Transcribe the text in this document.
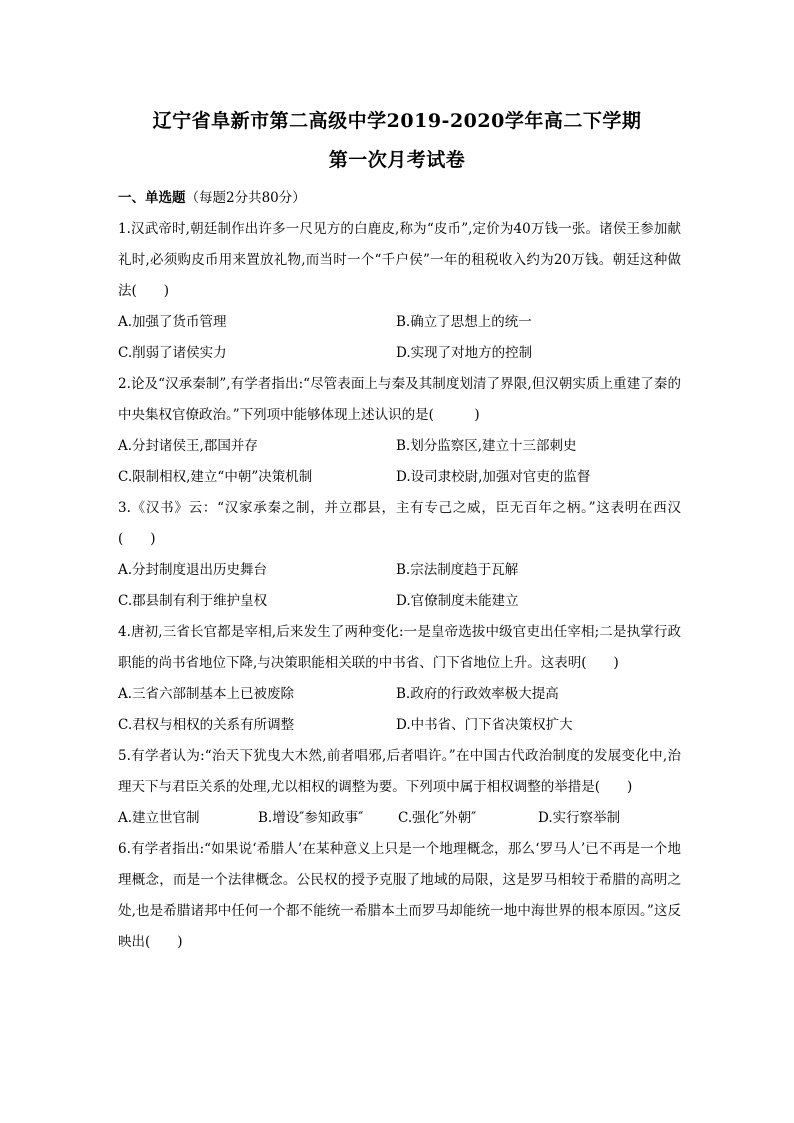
辽宁省阜新市第二高级中学2019-2020学年高二下学期
第一次月考试卷

一、单选题（每题2分共80分）

1.汉武帝时,朝廷制作出许多一尺见方的白鹿皮,称为“皮币”,定价为40万钱一张。诸侯王参加献礼时,必须购皮币用来置放礼物,而当时一个“千户侯”一年的租税收入约为20万钱。朝廷这种做法(　　)

A.加强了货币管理	B.确立了思想上的统一
C.削弱了诸侯实力	D.实现了对地方的控制

2.论及“汉承秦制”,有学者指出:“尽管表面上与秦及其制度划清了界限,但汉朝实质上重建了秦的中央集权官僚政治。”下列项中能够体现上述认识的是(　　　)

A.分封诸侯王,郡国并存	B.划分监察区,建立十三部刺史
C.限制相权,建立“中朝”决策机制	D.设司隶校尉,加强对官吏的监督

3.《汉书》云：“汉家承秦之制，并立郡县，主有专己之威，臣无百年之柄。”这表明在西汉(　　)

A.分封制度退出历史舞台	B.宗法制度趋于瓦解
C.郡县制有利于维护皇权	D.官僚制度未能建立

4.唐初,三省长官都是宰相,后来发生了两种变化:一是皇帝选拔中级官吏出任宰相;二是执掌行政职能的尚书省地位下降,与决策职能相关联的中书省、门下省地位上升。这表明(　　)

A.三省六部制基本上已被废除	B.政府的行政效率极大提高
C.君权与相权的关系有所调整	D.中书省、门下省决策权扩大

5.有学者认为:“治天下犹曳大木然,前者唱邪,后者唱许。”在中国古代政治制度的发展变化中,治理天下与君臣关系的处理,尤以相权的调整为要。下列项中属于相权调整的举措是(　　)

A.建立世官制	B.增设″参知政事″	C.强化″外朝″	D.实行察举制

6.有学者指出:“如果说‘希腊人’在某种意义上只是一个地理概念，那么‘罗马人’已不再是一个地理概念，而是一个法律概念。公民权的授予克服了地域的局限，这是罗马相较于希腊的高明之处,也是希腊诸邦中任何一个都不能统一希腊本土而罗马却能统一地中海世界的根本原因。”这反映出(　　)
